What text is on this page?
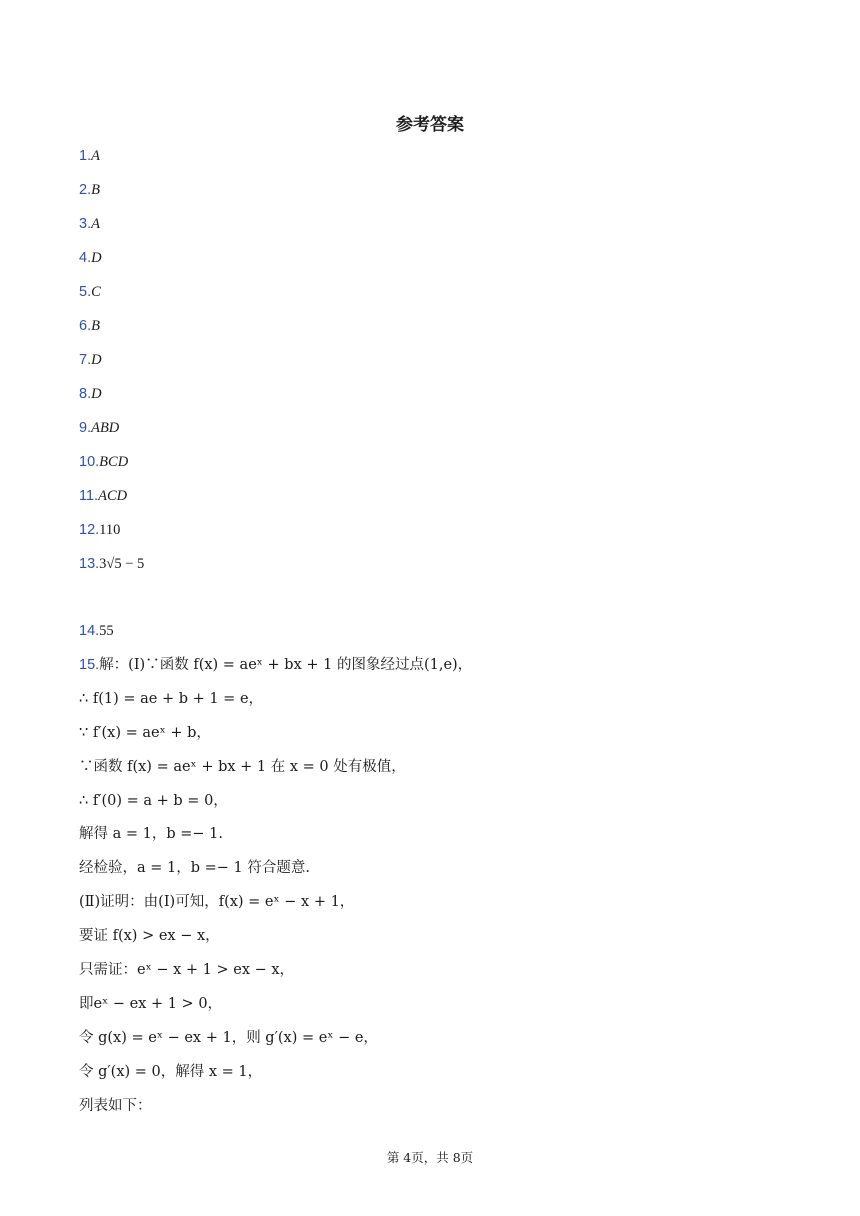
参考答案
1.A
2.B
3.A
4.D
5.C
6.B
7.D
8.D
9.ABD
10.BCD
11.ACD
12.110
13.3√5 − 5
14.55
15.解：(Ⅰ)∵函数 f(x) = aeˣ + bx + 1 的图象经过点(1,e)，
∴ f(1) = ae + b + 1 = e，
∵ f′(x) = aeˣ + b，
∵函数 f(x) = aeˣ + bx + 1 在 x = 0 处有极值，
∴ f′(0) = a + b = 0，
解得 a = 1，b =− 1.
经检验，a = 1，b =− 1 符合题意.
(Ⅱ)证明：由(Ⅰ)可知，f(x) = eˣ − x + 1，
要证 f(x) > ex − x，
只需证：eˣ − x + 1 > ex − x，
即eˣ − ex + 1 > 0，
令 g(x) = eˣ − ex + 1，则 g′(x) = eˣ − e，
令 g′(x) = 0，解得 x = 1，
列表如下：
第 4页，共 8页
